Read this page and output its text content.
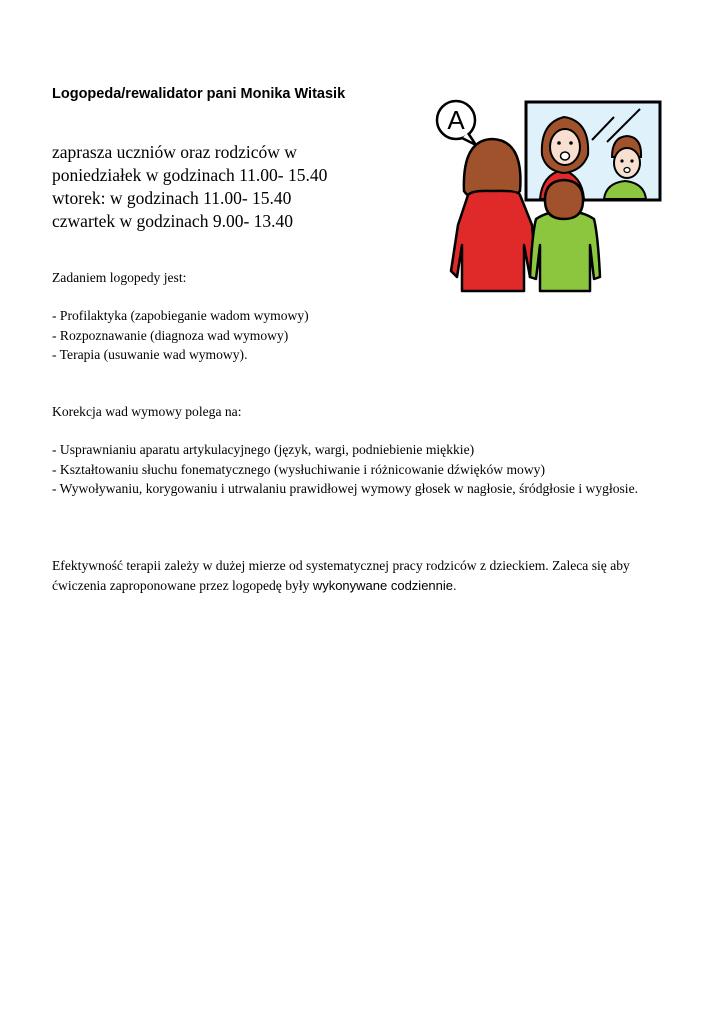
Logopeda/rewalidator pani Monika Witasik
zaprasza uczniów oraz rodziców w
poniedziałek w godzinach 11.00- 15.40
wtorek: w godzinach 11.00- 15.40
czwartek w godzinach 9.00- 13.40
Zadaniem logopedy jest:
- Profilaktyka (zapobieganie wadom wymowy)
- Rozpoznawanie (diagnoza wad wymowy)
- Terapia (usuwanie wad wymowy).
Korekcja wad wymowy polega na:
- Usprawnianiu aparatu artykulacyjnego (język, wargi, podniebienie miękkie)
- Kształtowaniu słuchu fonematycznego (wysłuchiwanie i różnicowanie dźwięków mowy)
- Wywoływaniu, korygowaniu i utrwalaniu prawidłowej wymowy głosek w nagłosie, śródgłosie i wygłosie.
Efektywność terapii zależy w dużej mierze od systematycznej pracy rodziców z dzieckiem. Zaleca się aby ćwiczenia zaproponowane przez logopedę były wykonywane codziennie.
A
